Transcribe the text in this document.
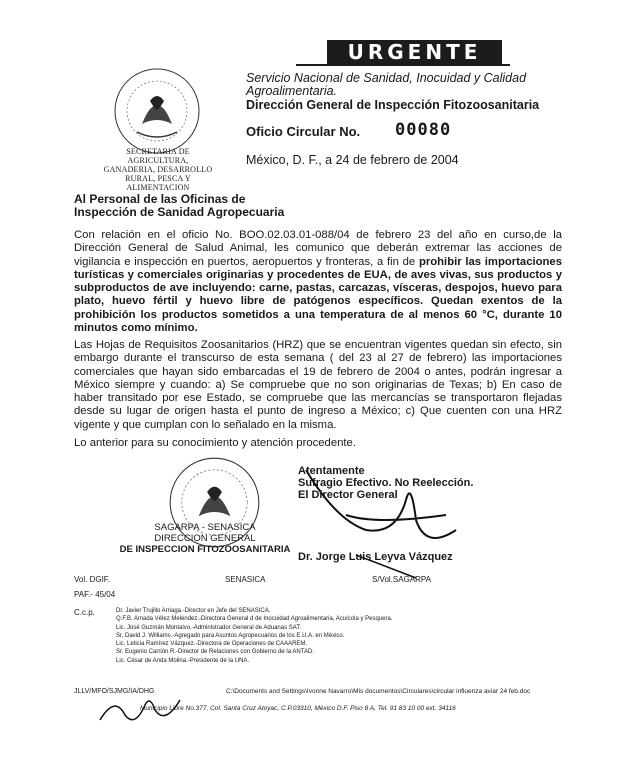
URGENTE
SECRETARIA DE AGRICULTURA,
GANADERIA, DESARROLLO
RURAL, PESCA Y
ALIMENTACION
Servicio Nacional de Sanidad, Inocuidad y Calidad
Agroalimentaria.
Dirección General de Inspección Fitozoosanitaria
Oficio Circular No. 00080
México, D. F., a 24 de febrero de 2004
Al Personal de las Oficinas de
Inspección de Sanidad Agropecuaria
Con relación en el oficio No. BOO.02.03.01-088/04 de febrero 23 del año en curso,de la Dirección General de Salud Animal, les comunico que deberán extremar las acciones de vigilancia e inspección en puertos, aeropuertos y fronteras, a fin de prohibir las importaciones turísticas y comerciales originarias y procedentes de EUA, de aves vivas, sus productos y subproductos de ave incluyendo: carne, pastas, carcazas, vísceras, despojos, huevo para plato, huevo fértil y huevo libre de patógenos específicos. Quedan exentos de la prohibición los productos sometidos a una temperatura de al menos 60 °C, durante 10 minutos como mínimo.
Las Hojas de Requisitos Zoosanitarios (HRZ) que se encuentran vigentes quedan sin efecto, sin embargo durante el transcurso de esta semana ( del 23 al 27 de febrero) las importaciones comerciales que hayan sido embarcadas el 19 de febrero de 2004 o antes, podrán ingresar a México siempre y cuando: a) Se compruebe que no son originarias de Texas; b) En caso de haber transitado por ese Estado, se compruebe que las mercancías se transportaron flejadas desde su lugar de origen hasta el punto de ingreso a México; c) Que cuenten con una HRZ vigente y que cumplan con lo señalado en la misma.
Lo anterior para su conocimiento y atención procedente.
Atentamente
Sufragio Efectivo. No Reelección.
El Director General
SAGARPA - SENASICA
DIRECCION GENERAL
DE INSPECCION FITOZOOSANITARIA
Dr. Jorge Luis Leyva Vázquez
Vol. DGIF.	SENASICA	S/Vol.SAGARPA
PAF.- 45/04
C.c.p.	Dr. Javier Trujillo Arriaga.-Director en Jefe del SENASICA.
Q.F.B. Amada Vélez Meléndez.-Directora General d de Inocuidad Agroalimentaria, Acuícola y Pesquera.
Lic. José Guzmán Montalvo.-Administrador General de Aduanas SAT.
Sr. David J. Williams.-Agregado para Asuntos Agropecuarios de los E.U.A. en México.
Lic. Leticia Ramírez Vázquez.-Directora de Operaciones de CAAAREM.
Sr. Eugenio Carrión R.-Director de Relaciones con Gobierno de la ANTAD.
Lic. César de Anda Molina.-Presidente de la UNA.
JLLV/MFO/SJMG/IA/DHG	C:\Documents and Settings\Ivonne Navarro\Mis documentos\Circulares\circular influenza aviar 24 feb.doc
Municipio Libre No.377, Col. Santa Cruz Atoyac, C.P.03310, México D.F. Piso 8 A, Tel. 91 83 10 00 ext. 34116
